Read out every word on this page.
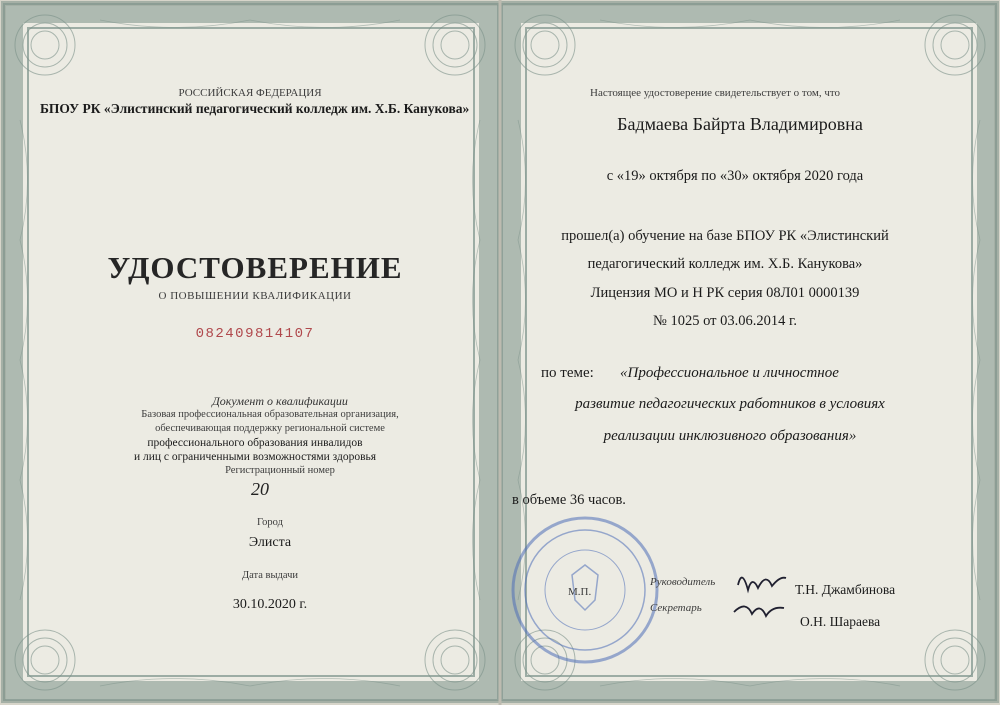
РОССИЙСКАЯ ФЕДЕРАЦИЯ
БПОУ РК «Элистинский педагогический колледж им. Х.Б. Канукова»
УДОСТОВЕРЕНИЕ
О ПОВЫШЕНИИ КВАЛИФИКАЦИИ
082409814107
Документ о квалификации
Базовая профессиональная образовательная организация,
обеспечивающая поддержку региональной системе
профессионального образования инвалидов
и лиц с ограниченными возможностями здоровья
Регистрационный номер
20
Город
Элиста
Дата выдачи
30.10.2020 г.
Настоящее удостоверение свидетельствует о том, что
Бадмаева Байрта Владимировна
с «19» октября по «30» октября 2020 года
прошел(а) обучение на базе БПОУ РК «Элистинский
педагогический колледж им. Х.Б. Канукова»
Лицензия МО и Н РК серия 08Л01 0000139
№ 1025 от 03.06.2014 г.
по теме: «Профессиональное и личностное
развитие педагогических работников в условиях
реализации инклюзивного образования»
в объеме 36 часов.
М.П.
Руководитель	Т.Н. Джамбинова
Секретарь
О.Н. Шараева
